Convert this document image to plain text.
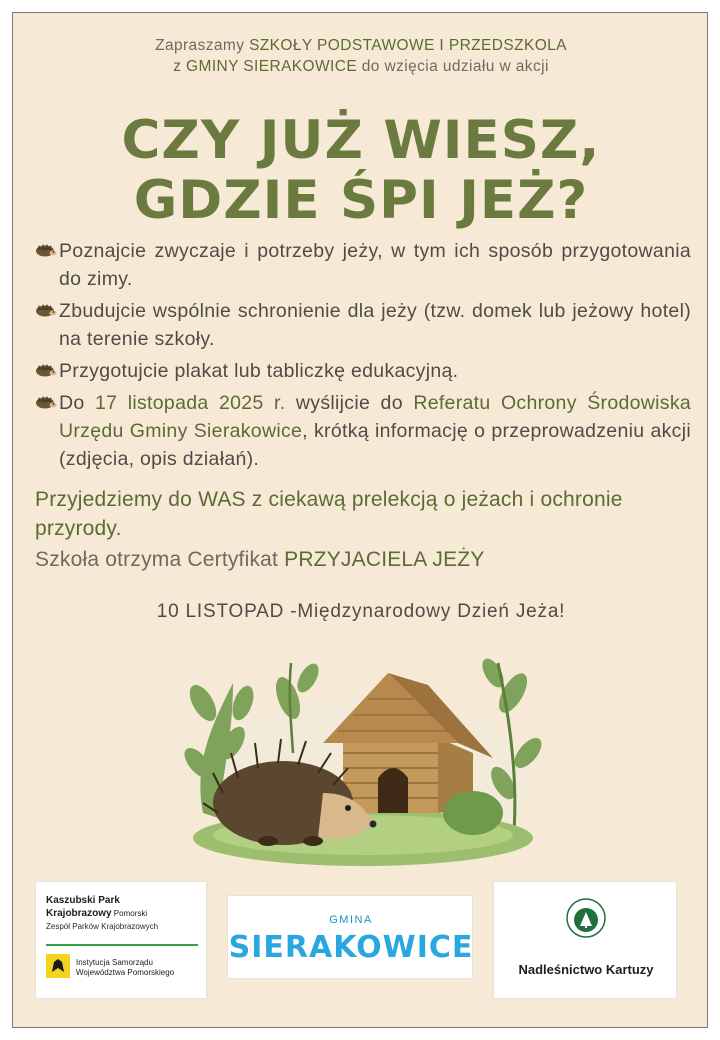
Zapraszamy SZKOŁY PODSTAWOWE I PRZEDSZKOLA
z GMINY SIERAKOWICE do wzięcia udziału w akcji
CZY JUŻ WIESZ,
GDZIE ŚPI JEŻ?
Poznajcie zwyczaje i potrzeby jeży, w tym ich sposób przygotowania do zimy.
Zbudujcie wspólnie schronienie dla jeży (tzw. domek lub jeżowy hotel) na terenie szkoły.
Przygotujcie plakat lub tabliczkę edukacyjną.
Do 17 listopada 2025 r. wyślijcie do Referatu Ochrony Środowiska Urzędu Gminy Sierakowice, krótką informację o przeprowadzeniu akcji (zdjęcia, opis działań).
Przyjedziemy do WAS z ciekawą prelekcją o jeżach i ochronie przyrody.
Szkoła otrzyma Certyfikat PRZYJACIELA JEŻY
10 LISTOPAD -Międzynarodowy Dzień Jeża!
Kaszubski Park
Krajobrazowy Pomorski
Zespół Parków Krajobrazowych
Instytucja Samorządu
Województwa Pomorskiego
GMINA
SIERAKOWICE
Nadleśnictwo Kartuzy
